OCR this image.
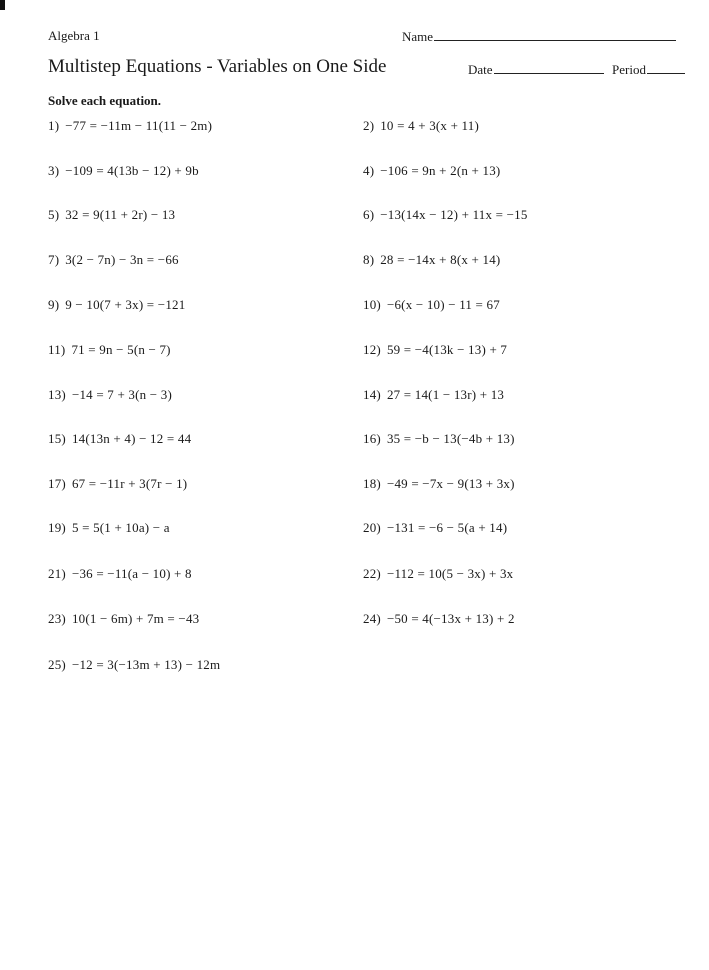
Algebra 1	Name
Multistep Equations - Variables on One Side	Date	Period
Solve each equation.
1) −77 = −11m − 11(11 − 2m)	2) 10 = 4 + 3(x + 11)
3) −109 = 4(13b − 12) + 9b	4) −106 = 9n + 2(n + 13)
5) 32 = 9(11 + 2r) − 13	6) −13(14x − 12) + 11x = −15
7) 3(2 − 7n) − 3n = −66	8) 28 = −14x + 8(x + 14)
9) 9 − 10(7 + 3x) = −121	10) −6(x − 10) − 11 = 67
11) 71 = 9n − 5(n − 7)	12) 59 = −4(13k − 13) + 7
13) −14 = 7 + 3(n − 3)	14) 27 = 14(1 − 13r) + 13
15) 14(13n + 4) − 12 = 44	16) 35 = −b − 13(−4b + 13)
17) 67 = −11r + 3(7r − 1)	18) −49 = −7x − 9(13 + 3x)
19) 5 = 5(1 + 10a) − a	20) −131 = −6 − 5(a + 14)
21) −36 = −11(a − 10) + 8	22) −112 = 10(5 − 3x) + 3x
23) 10(1 − 6m) + 7m = −43	24) −50 = 4(−13x + 13) + 2
25) −12 = 3(−13m + 13) − 12m
